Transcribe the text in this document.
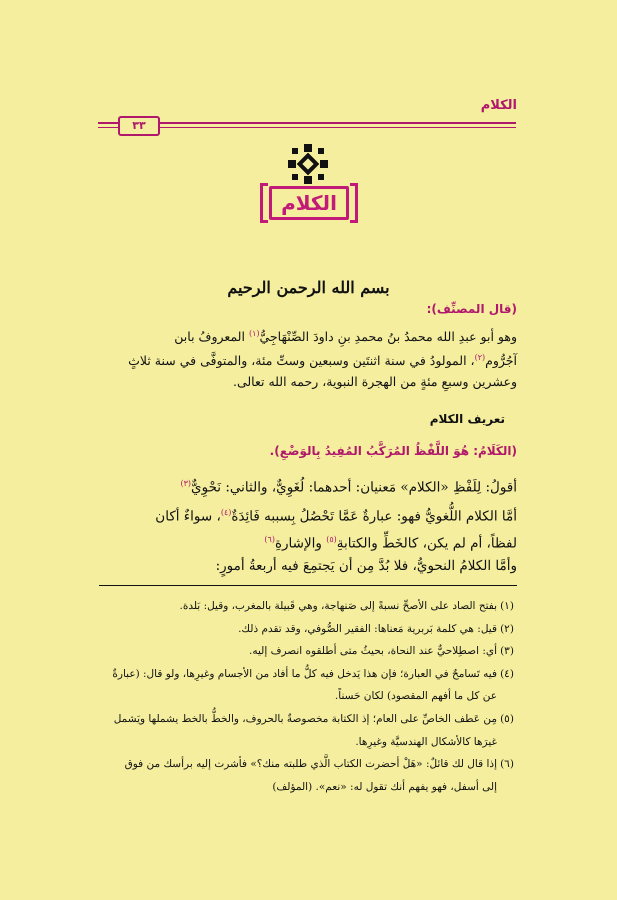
الكلام
٣٣
الكلام
بسم الله الرحمن الرحيم
(قال المصنِّف):
وهو أبو عبدِ الله محمدُ بنُ محمدِ بنِ داودَ الصِّنْهَاجِيُّ$^{(١)}$ المعروفُ بابن
آجُرُّوم$^{(٢)}$، المولودُ في سنة اثنتَين وسبعين وستِّ مئة، والمتوفَّى في سنة ثلاثٍ
وعشرين وسبعِ مئةٍ من الهجرة النبوية، رحمه الله تعالى.
تعريف الكلام
(الكَلَامُ: هُوَ اللَّفْظُ المُرَكَّبُ المُفِيدُ بِالوَضْعِ).
أقولُ: لِلَفْظِ «الكلام» مَعنيان: أحدهما: لُغَوِيٌّ، والثاني: نَحْوِيٌّ$^{(٣)}$
أمَّا الكلام اللُّغويُّ فهو: عبارةٌ عَمَّا تَحْصُلُ بِسببه فَائِدَةٌ$^{(٤)}$، سواءٌ أكان
لفظاً، أم لم يكن، كالخَطِّ والكتابةِ$^{(٥)}$ والإشارةِ$^{(٦)}$
وأمَّا الكلامُ النحويُّ، فلا بُدَّ مِن أن يَجتمِعَ فيه أربعةُ أمورٍ:
(١)بفتح الصاد على الأصحِّ نسبةً إلى صَنهاجة، وهي قَبيلة بالمغرب، وقيل: بَلدة.
(٢)قيل: هي كلمة بَربرية مَعناها: الفقير الصُّوفي، وقد تقدم ذلك.
(٣)أي: اصطِلاحيٌّ عند النحاة، بحيثُ متى أطلقوه انصرف إليه.
(٤)فيه تَسامحٌ في العبارة؛ فإن هذا يَدخل فيه كلُّ ما أفاد من الأجسام وغيرِها، ولو قال: (عبارةٌ
عن كل ما أفهم المقصود) لكان حَسناً.
(٥)مِن عَطف الخاصِّ على العام؛ إذ الكتابة مخصوصةٌ بالحروف، والخطُّ بالخط يشملها ويَشمل
غيرَها كالأشكال الهندسيَّة وغيرِها.
(٦)إذا قال لك قائلٌ: «هَلْ أحضرت الكتاب الَّذي طلبته منك؟» فأشرت إليه برأسك من فوق
إلى أسفل، فهو يفهم أنك تقول له: «نعم». (المؤلف)
